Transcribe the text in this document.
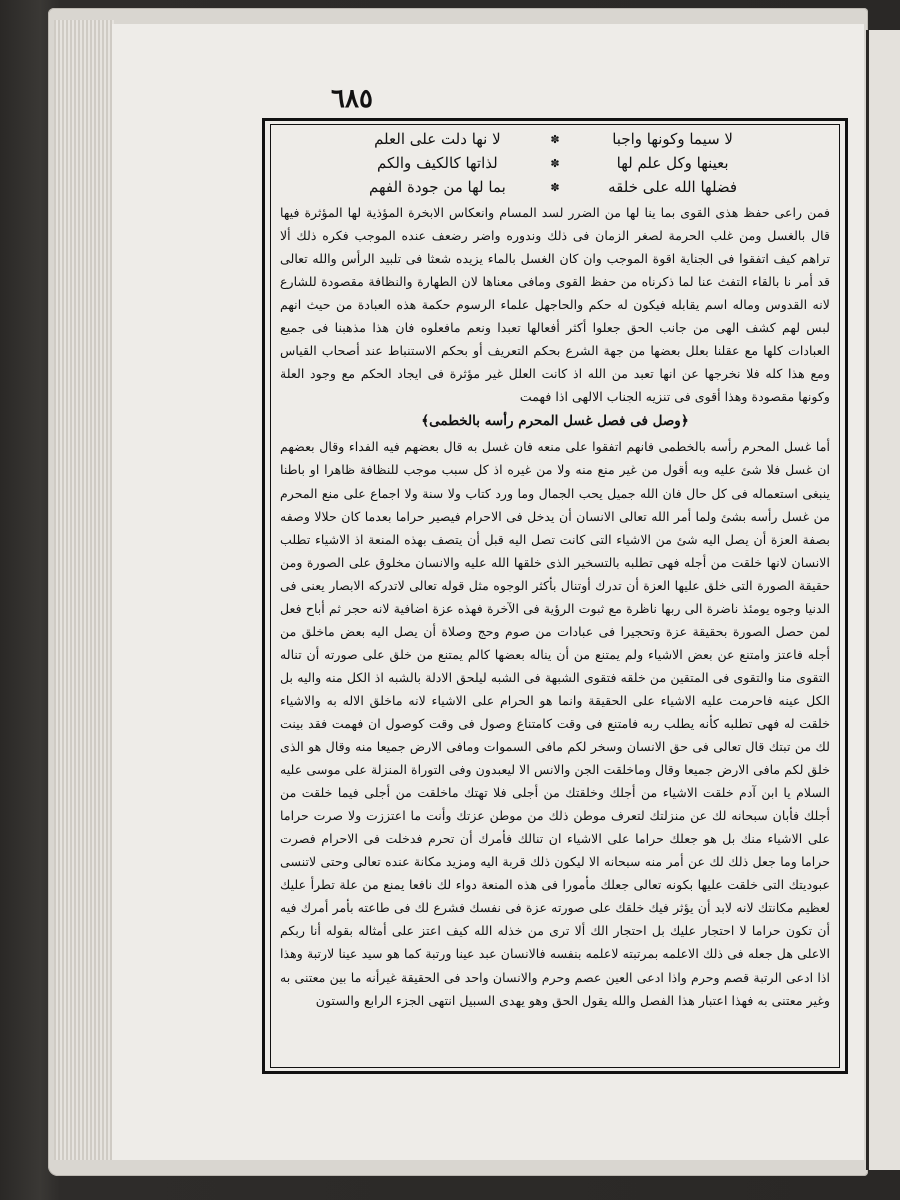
٦٨٥
لا سيما وكونها واجبا
✽
لا نها دلت على العلم
بعينها وكل علم لها
✽
لذاتها كالكيف والكم
فضلها الله على خلقه
✽
بما لها من جودة الفهم

فمن راعى حفظ هذى القوى بما ينا لها من الضرر لسد المسام وانعكاس الابخرة المؤذية لها المؤثرة فيها قال بالغسل ومن غلب الحرمة لصغر الزمان فى ذلك وندوره واضر رضعف عنده الموجب فكره ذلك ألا تراهم كيف اتفقوا فى الجناية اقوة الموجب وان كان الغسل بالماء يزيده شعثا فى تلبيد الرأس والله تعالى قد أمر نا بالقاء التفث عنا لما ذكرناه من حفظ القوى ومافى معناها لان الطهارة والنظافة مقصودة للشارع لانه القدوس وماله اسم يقابله فيكون له حكم والحاجهل علماء الرسوم حكمة هذه العبادة من حيث انهم لبس لهم كشف الهى من جانب الحق جعلوا أكثر أفعالها تعبدا ونعم مافعلوه فان هذا مذهبنا فى جميع العبادات كلها مع عقلنا بعلل بعضها من جهة الشرع بحكم التعريف أو بحكم الاستنباط عند أصحاب القياس ومع هذا كله فلا نخرجها عن انها تعبد من الله اذ كانت العلل غير مؤثرة فى ايجاد الحكم مع وجود العلة وكونها مقصودة وهذا أقوى فى تنزيه الجناب الالهى اذا فهمت

﴿وصل فى فصل غسل المحرم رأسه بالخطمى﴾

أما غسل المحرم رأسه بالخطمى فانهم اتفقوا على منعه فان غسل به قال بعضهم فيه الفداء وقال بعضهم ان غسل فلا شئ عليه وبه أقول من غير منع منه ولا من غيره اذ كل سبب موجب للنظافة ظاهرا او باطنا ينبغى استعماله فى كل حال فان الله جميل يحب الجمال وما ورد كتاب ولا سنة ولا اجماع على منع المحرم من غسل رأسه بشئ ولما أمر الله تعالى الانسان أن يدخل فى الاحرام فيصير حراما بعدما كان حلالا وصفه بصفة العزة أن يصل اليه شئ من الاشياء التى كانت تصل اليه قبل أن يتصف بهذه المنعة اذ الاشياء تطلب الانسان لانها خلقت من أجله فهى تطلبه بالتسخير الذى خلقها الله عليه والانسان مخلوق على الصورة ومن حقيقة الصورة التى خلق عليها العزة أن تدرك أوتنال بأكثر الوجوه مثل قوله تعالى لاتدركه الابصار يعنى فى الدنيا وجوه يومئذ ناضرة الى ربها ناظرة مع ثبوت الرؤية فى الآخرة فهذه عزة اضافية لانه حجر ثم أباح فعل لمن حصل الصورة بحقيقة عزة وتحجيرا فى عبادات من صوم وحج وصلاة أن يصل اليه بعض ماخلق من أجله فاعتز وامتنع عن بعض الاشياء ولم يمتنع من أن يناله بعضها كالم يمتنع من خلق على صورته أن تناله التقوى منا والتقوى فى المتقين من خلقه فتقوى الشبهة فى الشبه ليلحق الادلة بالشبه اذ الكل منه واليه بل الكل عينه فاحرمت عليه الاشياء على الحقيقة وانما هو الحرام على الاشياء لانه ماخلق الاله به والاشياء خلقت له فهى تطلبه كأنه يطلب ربه فامتنع فى وقت كامتناع وصول فى وقت كوصول ان فهمت فقد بينت لك من تبتك قال تعالى فى حق الانسان وسخر لكم مافى السموات ومافى الارض جميعا منه وقال هو الذى خلق لكم مافى الارض جميعا وقال وماخلقت الجن والانس الا ليعبدون وفى التوراة المنزلة على موسى عليه السلام يا ابن آدم خلقت الاشياء من أجلك وخلقتك من أجلى فلا تهتك ماخلقت من أجلى فيما خلقت من أجلك فأبان سبحانه لك عن منزلتك لتعرف موطن ذلك من موطن عزتك وأنت ما اعتززت ولا صرت حراما على الاشياء منك بل هو جعلك حراما على الاشياء ان تنالك فأمرك أن تحرم فدخلت فى الاحرام فصرت حراما وما جعل ذلك لك عن أمر منه سبحانه الا ليكون ذلك قربة اليه ومزيد مكانة عنده تعالى وحتى لاتنسى عبوديتك التى خلقت عليها بكونه تعالى جعلك مأمورا فى هذه المنعة دواء لك نافعا يمنع من علة تطرأ عليك لعظيم مكانتك لانه لابد أن يؤثر فيك خلقك على صورته عزة فى نفسك فشرع لك فى طاعته بأمر أمرك فيه أن تكون حراما لا احتجار عليك بل احتجار الك ألا ترى من خذله الله كيف اعتز على أمثاله بقوله أنا ربكم الاعلى هل جعله فى ذلك الاعلمه بمرتبته لاعلمه بنفسه فالانسان عبد عينا ورتبة كما هو سيد عينا لارتبة وهذا اذا ادعى الرتبة قصم وحرم واذا ادعى العين عصم وحرم والانسان واحد فى الحقيقة غيرأنه ما بين معتنى به وغير معتنى به فهذا اعتبار هذا الفصل والله يقول الحق وهو يهدى السبيل انتهى الجزء الرابع والستون
